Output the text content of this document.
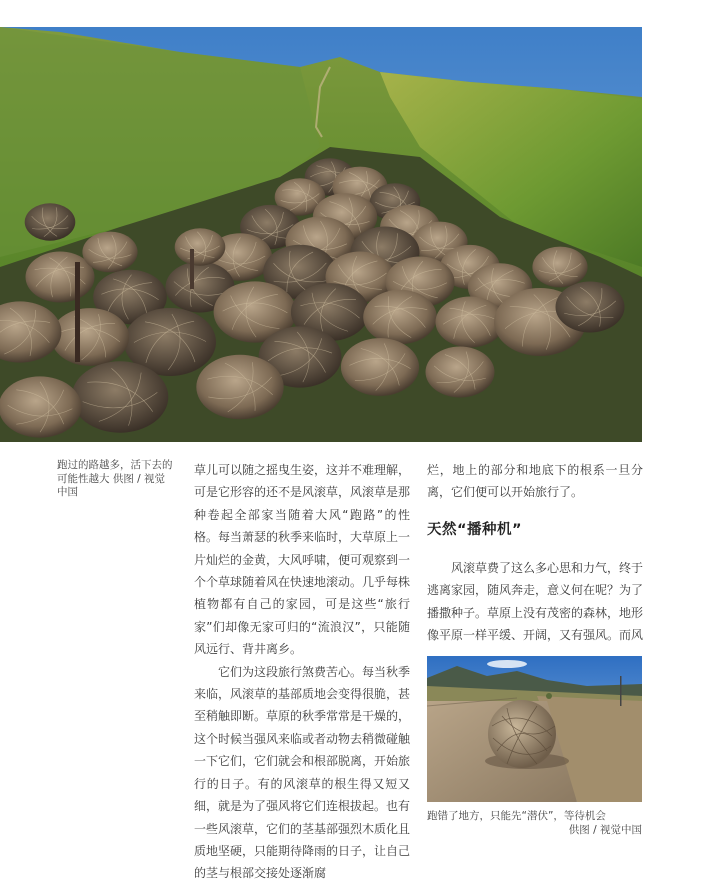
跑过的路越多，活下去的可能性越大 供图 / 视觉中国

草儿可以随之摇曳生姿，这并不难理解，可是它形容的还不是风滚草，风滚草是那种卷起全部家当随着大风“跑路”的性格。每当萧瑟的秋季来临时，大草原上一片灿烂的金黄，大风呼啸，便可观察到一个个草球随着风在快速地滚动。几乎每株植物都有自己的家园，可是这些“旅行家”们却像无家可归的“流浪汉”，只能随风远行、背井离乡。

它们为这段旅行煞费苦心。每当秋季来临，风滚草的基部质地会变得很脆，甚至稍触即断。草原的秋季常常是干燥的，这个时候当强风来临或者动物去稍微碰触一下它们，它们就会和根部脱离，开始旅行的日子。有的风滚草的根生得又短又细，就是为了强风将它们连根拔起。也有一些风滚草，它们的茎基部强烈木质化且质地坚硬，只能期待降雨的日子，让自己的茎与根部交接处逐渐腐

烂，地上的部分和地底下的根系一旦分离，它们便可以开始旅行了。

天然“播种机”

风滚草费了这么多心思和力气，终于逃离家园，随风奔走，意义何在呢？为了播撒种子。草原上没有茂密的森林，地形像平原一样平缓、开阔，又有强风。而风

跑错了地方，只能先“潜伏”，等待机会
供图 / 视觉中国
